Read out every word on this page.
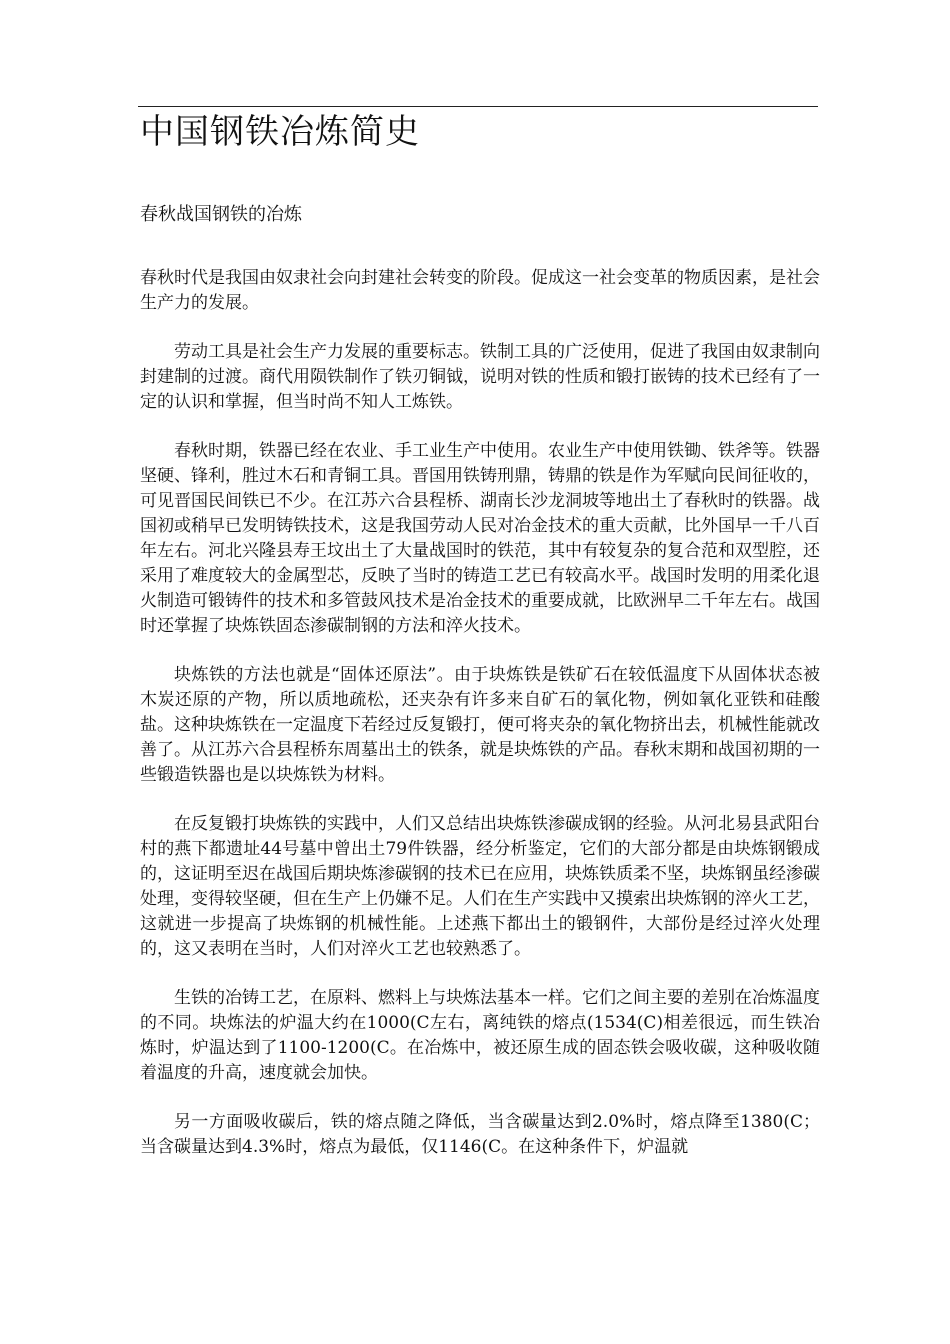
中国钢铁冶炼简史
春秋战国钢铁的冶炼

春秋时代是我国由奴隶社会向封建社会转变的阶段。促成这一社会变革的物质因素，是社会生产力的发展。

劳动工具是社会生产力发展的重要标志。铁制工具的广泛使用，促进了我国由奴隶制向封建制的过渡。商代用陨铁制作了铁刃铜钺，说明对铁的性质和锻打嵌铸的技术已经有了一定的认识和掌握，但当时尚不知人工炼铁。

春秋时期，铁器已经在农业、手工业生产中使用。农业生产中使用铁锄、铁斧等。铁器坚硬、锋利，胜过木石和青铜工具。晋国用铁铸刑鼎，铸鼎的铁是作为军赋向民间征收的，可见晋国民间铁已不少。在江苏六合县程桥、湖南长沙龙洞坡等地出土了春秋时的铁器。战国初或稍早已发明铸铁技术，这是我国劳动人民对冶金技术的重大贡献，比外国早一千八百年左右。河北兴隆县寿王坟出土了大量战国时的铁范，其中有较复杂的复合范和双型腔，还采用了难度较大的金属型芯，反映了当时的铸造工艺已有较高水平。战国时发明的用柔化退火制造可锻铸件的技术和多管鼓风技术是冶金技术的重要成就，比欧洲早二千年左右。战国时还掌握了块炼铁固态渗碳制钢的方法和淬火技术。

块炼铁的方法也就是“固体还原法”。由于块炼铁是铁矿石在较低温度下从固体状态被木炭还原的产物，所以质地疏松，还夹杂有许多来自矿石的氧化物，例如氧化亚铁和硅酸盐。这种块炼铁在一定温度下若经过反复锻打，便可将夹杂的氧化物挤出去，机械性能就改善了。从江苏六合县程桥东周墓出土的铁条，就是块炼铁的产品。春秋末期和战国初期的一些锻造铁器也是以块炼铁为材料。

在反复锻打块炼铁的实践中，人们又总结出块炼铁渗碳成钢的经验。从河北易县武阳台村的燕下都遗址44号墓中曾出土79件铁器，经分析鉴定，它们的大部分都是由块炼钢锻成的，这证明至迟在战国后期块炼渗碳钢的技术已在应用，块炼铁质柔不坚，块炼钢虽经渗碳处理，变得较坚硬，但在生产上仍嫌不足。人们在生产实践中又摸索出块炼钢的淬火工艺，这就进一步提高了块炼钢的机械性能。上述燕下都出土的锻钢件，大部份是经过淬火处理的，这又表明在当时，人们对淬火工艺也较熟悉了。

生铁的冶铸工艺，在原料、燃料上与块炼法基本一样。它们之间主要的差别在冶炼温度的不同。块炼法的炉温大约在1000(C左右，离纯铁的熔点(1534(C)相差很远，而生铁冶炼时，炉温达到了1100-1200(C。在冶炼中，被还原生成的固态铁会吸收碳，这种吸收随着温度的升高，速度就会加快。

另一方面吸收碳后，铁的熔点随之降低，当含碳量达到2.0%时，熔点降至1380(C；当含碳量达到4.3%时，熔点为最低，仅1146(C。在这种条件下，炉温就
